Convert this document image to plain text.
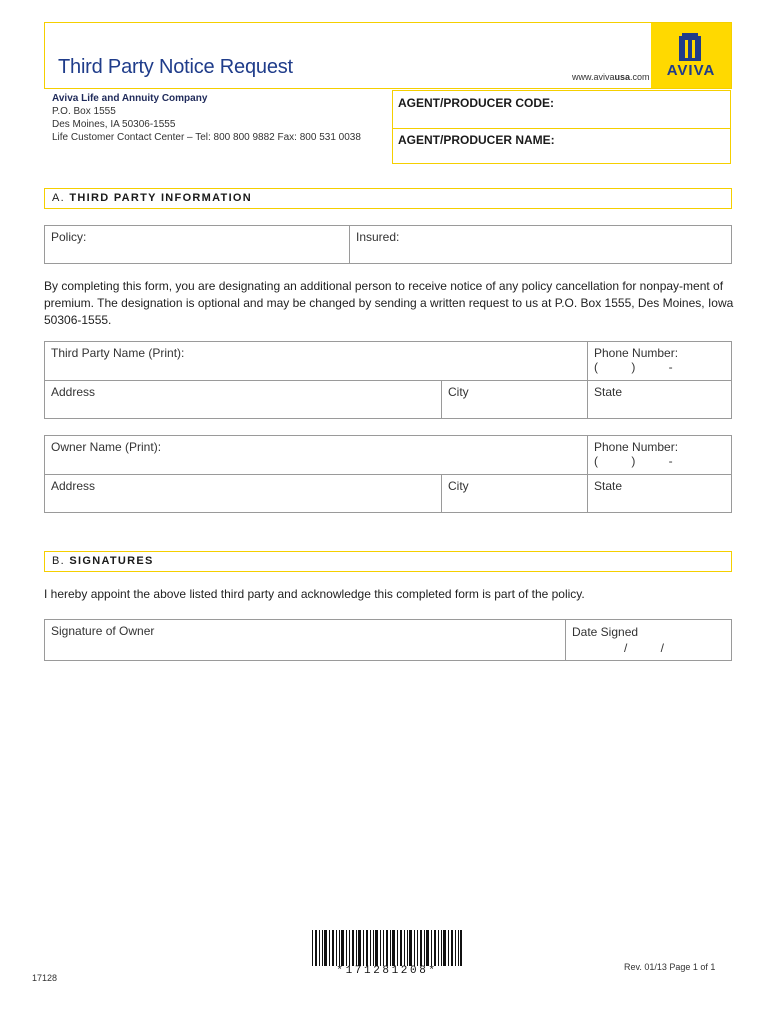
Third Party Notice Request	www.avivausa.com	AVIVA
Aviva Life and Annuity Company
P.O. Box 1555
Des Moines, IA 50306-1555
Life Customer Contact Center – Tel: 800 800 9882 Fax: 800 531 0038
AGENT/PRODUCER CODE:
AGENT/PRODUCER NAME:
A. THIRD PARTY INFORMATION
Policy:	Insured:
By completing this form, you are designating an additional person to receive notice of any policy cancellation for nonpay-ment of premium. The designation is optional and may be changed by sending a written request to us at P.O. Box 1555, Des Moines, Iowa 50306-1555.
Third Party Name (Print):	Phone Number:
(          )          -
Address	City	State
Owner Name (Print):	Phone Number:
(          )          -
Address	City	State
B. SIGNATURES
I hereby appoint the above listed third party and acknowledge this completed form is part of the policy.
Signature of Owner	Date Signed
/          /
*171281208*
17128
Rev. 01/13 Page 1 of 1
